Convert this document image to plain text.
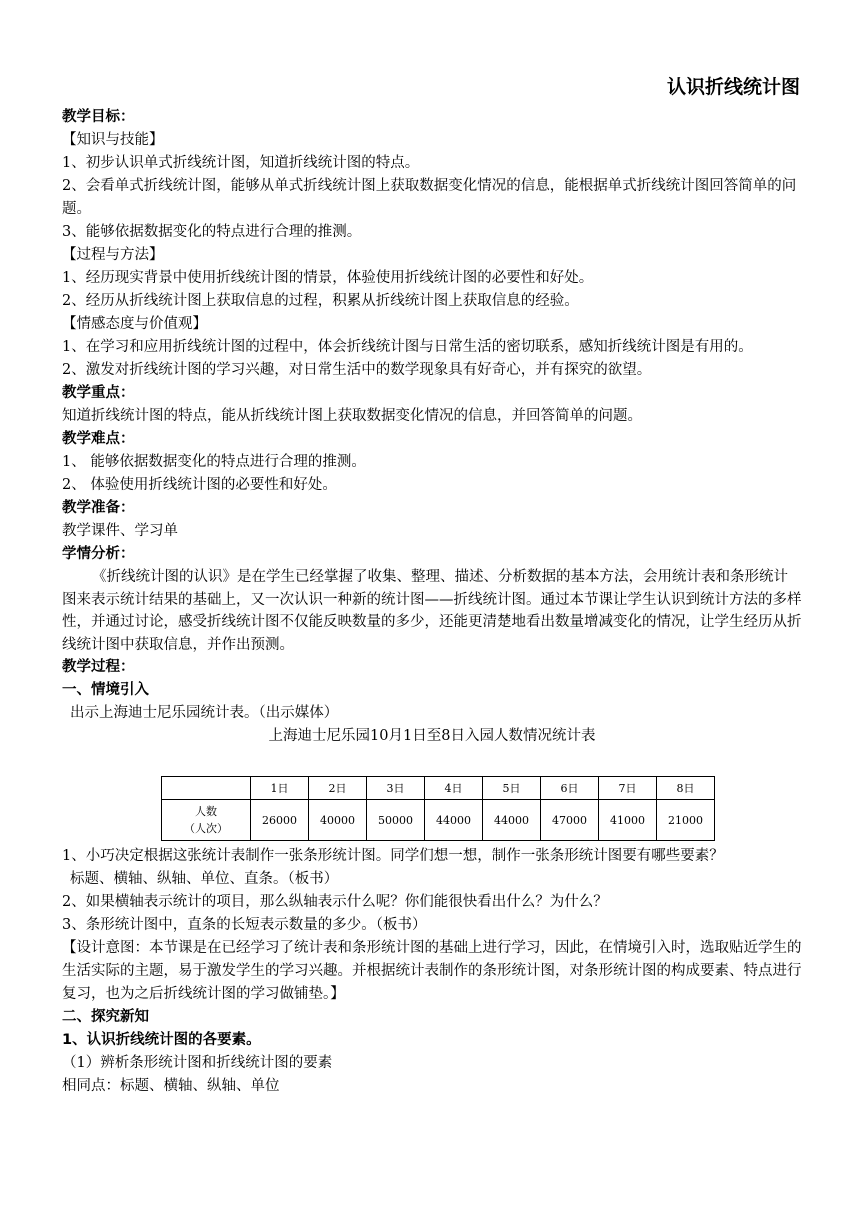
认识折线统计图
教学目标：
【知识与技能】
1、初步认识单式折线统计图，知道折线统计图的特点。
2、会看单式折线统计图，能够从单式折线统计图上获取数据变化情况的信息，能根据单式折线统计图回答简单的问题。
3、能够依据数据变化的特点进行合理的推测。
【过程与方法】
1、经历现实背景中使用折线统计图的情景，体验使用折线统计图的必要性和好处。
2、经历从折线统计图上获取信息的过程，积累从折线统计图上获取信息的经验。
【情感态度与价值观】
1、在学习和应用折线统计图的过程中，体会折线统计图与日常生活的密切联系，感知折线统计图是有用的。
2、激发对折线统计图的学习兴趣，对日常生活中的数学现象具有好奇心，并有探究的欲望。
教学重点：
知道折线统计图的特点，能从折线统计图上获取数据变化情况的信息，并回答简单的问题。
教学难点：
1、 能够依据数据变化的特点进行合理的推测。
2、 体验使用折线统计图的必要性和好处。
教学准备：
教学课件、学习单
学情分析：
《折线统计图的认识》是在学生已经掌握了收集、整理、描述、分析数据的基本方法，会用统计表和条形统计图来表示统计结果的基础上，又一次认识一种新的统计图——折线统计图。通过本节课让学生认识到统计方法的多样性，并通过讨论，感受折线统计图不仅能反映数量的多少，还能更清楚地看出数量增减变化的情况，让学生经历从折线统计图中获取信息，并作出预测。
教学过程：
一、情境引入
出示上海迪士尼乐园统计表。（出示媒体）
上海迪士尼乐园10月1日至8日入园人数情况统计表
	1日	2日	3日	4日	5日	6日	7日	8日

人数
（人次）	26000	40000	50000	44000	44000	47000	41000	21000
1、小巧决定根据这张统计表制作一张条形统计图。同学们想一想，制作一张条形统计图要有哪些要素？
标题、横轴、纵轴、单位、直条。（板书）
2、如果横轴表示统计的项目，那么纵轴表示什么呢？你们能很快看出什么？为什么？
3、条形统计图中，直条的长短表示数量的多少。（板书）
【设计意图：本节课是在已经学习了统计表和条形统计图的基础上进行学习，因此，在情境引入时，选取贴近学生的生活实际的主题，易于激发学生的学习兴趣。并根据统计表制作的条形统计图，对条形统计图的构成要素、特点进行复习，也为之后折线统计图的学习做铺垫。】
二、探究新知
1、认识折线统计图的各要素。
（1）辨析条形统计图和折线统计图的要素
相同点：标题、横轴、纵轴、单位
